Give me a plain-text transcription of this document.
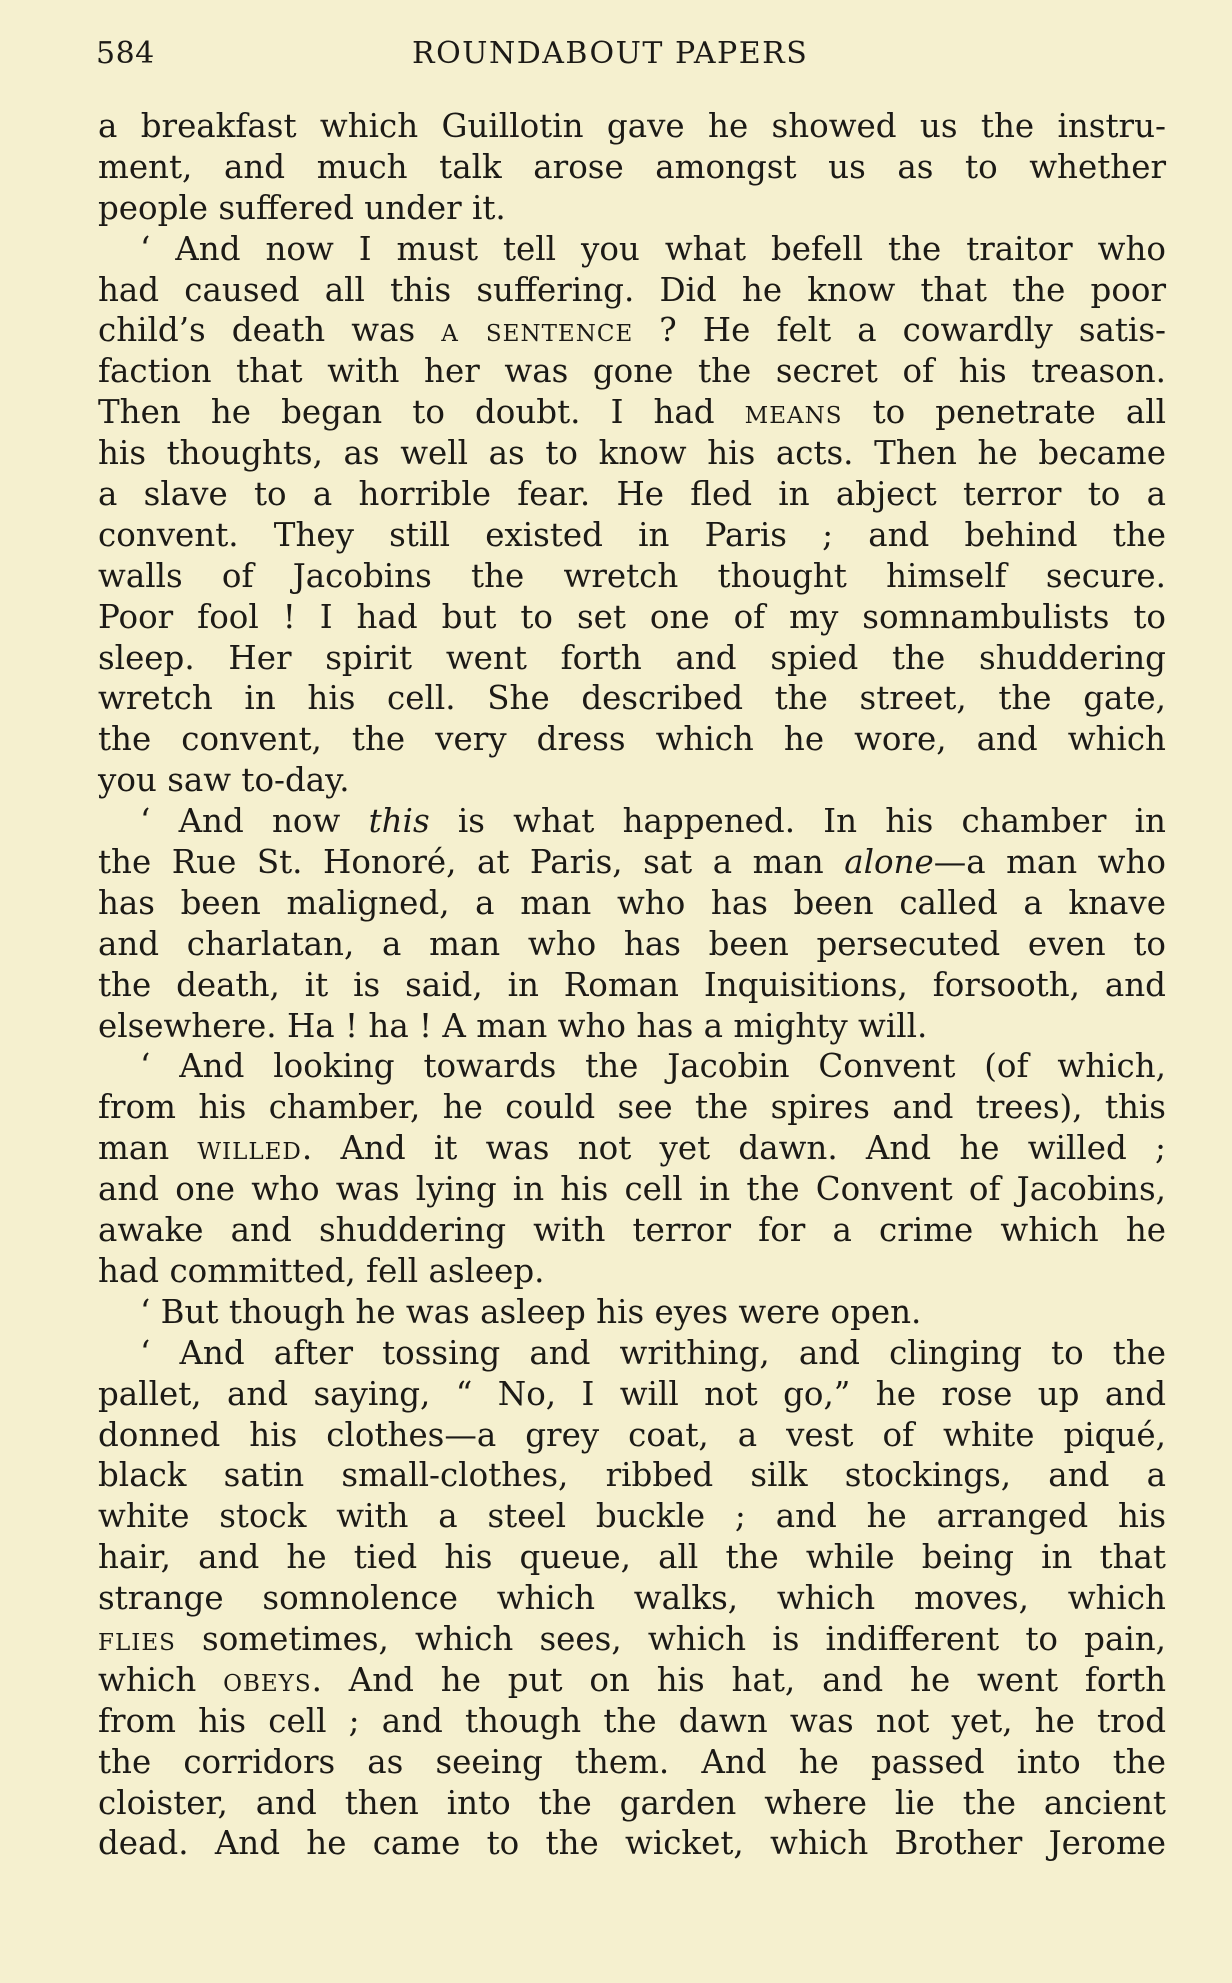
584	ROUNDABOUT PAPERS
a breakfast which Guillotin gave he showed us the instru-
ment, and much talk arose amongst us as to whether
people suffered under it.
‘ And now I must tell you what befell the traitor who
had caused all this suffering. Did he know that the poor
child’s death was a sentence ? He felt a cowardly satis-
faction that with her was gone the secret of his treason.
Then he began to doubt. I had means to penetrate all
his thoughts, as well as to know his acts. Then he became
a slave to a horrible fear. He fled in abject terror to a
convent. They still existed in Paris ; and behind the
walls of Jacobins the wretch thought himself secure.
Poor fool ! I had but to set one of my somnambulists to
sleep. Her spirit went forth and spied the shuddering
wretch in his cell. She described the street, the gate,
the convent, the very dress which he wore, and which
you saw to-day.
‘ And now this is what happened. In his chamber in
the Rue St. Honoré, at Paris, sat a man alone—a man who
has been maligned, a man who has been called a knave
and charlatan, a man who has been persecuted even to
the death, it is said, in Roman Inquisitions, forsooth, and
elsewhere. Ha ! ha ! A man who has a mighty will.
‘ And looking towards the Jacobin Convent (of which,
from his chamber, he could see the spires and trees), this
man willed. And it was not yet dawn. And he willed ;
and one who was lying in his cell in the Convent of Jacobins,
awake and shuddering with terror for a crime which he
had committed, fell asleep.
‘ But though he was asleep his eyes were open.
‘ And after tossing and writhing, and clinging to the
pallet, and saying, “ No, I will not go,” he rose up and
donned his clothes—a grey coat, a vest of white piqué,
black satin small-clothes, ribbed silk stockings, and a
white stock with a steel buckle ; and he arranged his
hair, and he tied his queue, all the while being in that
strange somnolence which walks, which moves, which
flies sometimes, which sees, which is indifferent to pain,
which obeys. And he put on his hat, and he went forth
from his cell ; and though the dawn was not yet, he trod
the corridors as seeing them. And he passed into the
cloister, and then into the garden where lie the ancient
dead. And he came to the wicket, which Brother Jerome
